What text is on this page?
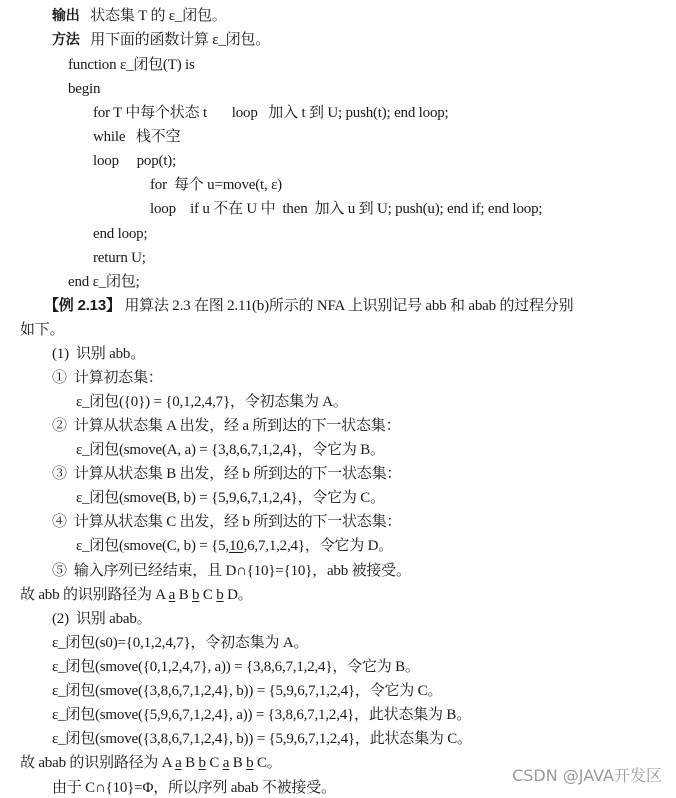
输出 状态集 T 的 ε_闭包。
方法 用下面的函数计算 ε_闭包。
function ε_闭包(T) is
begin
for T 中每个状态 t       loop   加入 t 到 U; push(t); end loop;
while   栈不空
loop     pop(t);
for  每个 u=move(t, ε)
loop    if u 不在 U 中  then  加入 u 到 U; push(u); end if; end loop;
end loop;
return U;
end ε_闭包;
【例 2.13】 用算法 2.3 在图 2.11(b)所示的 NFA 上识别记号 abb 和 abab 的过程分别
如下。
(1)  识别 abb。
①  计算初态集：
ε_闭包({0}) = {0,1,2,4,7}，令初态集为 A。
②  计算从状态集 A 出发，经 a 所到达的下一状态集：
ε_闭包(smove(A, a) = {3,8,6,7,1,2,4}，令它为 B。
③  计算从状态集 B 出发，经 b 所到达的下一状态集：
ε_闭包(smove(B, b) = {5,9,6,7,1,2,4}，令它为 C。
④  计算从状态集 C 出发，经 b 所到达的下一状态集：
ε_闭包(smove(C, b) = {5,10,6,7,1,2,4}，令它为 D。
⑤  输入序列已经结束，且 D∩{10}={10}，abb 被接受。
故 abb 的识别路径为 A a B b C b D。
(2)  识别 abab。
ε_闭包(s0)={0,1,2,4,7}，令初态集为 A。
ε_闭包(smove({0,1,2,4,7}, a)) = {3,8,6,7,1,2,4}，令它为 B。
ε_闭包(smove({3,8,6,7,1,2,4}, b)) = {5,9,6,7,1,2,4}，令它为 C。
ε_闭包(smove({5,9,6,7,1,2,4}, a)) = {3,8,6,7,1,2,4}，此状态集为 B。
ε_闭包(smove({3,8,6,7,1,2,4}, b)) = {5,9,6,7,1,2,4}，此状态集为 C。
故 abab 的识别路径为 A a B b C a B b C。
由于 C∩{10}=Φ，所以序列 abab 不被接受。
CSDN @JAVA开发区
